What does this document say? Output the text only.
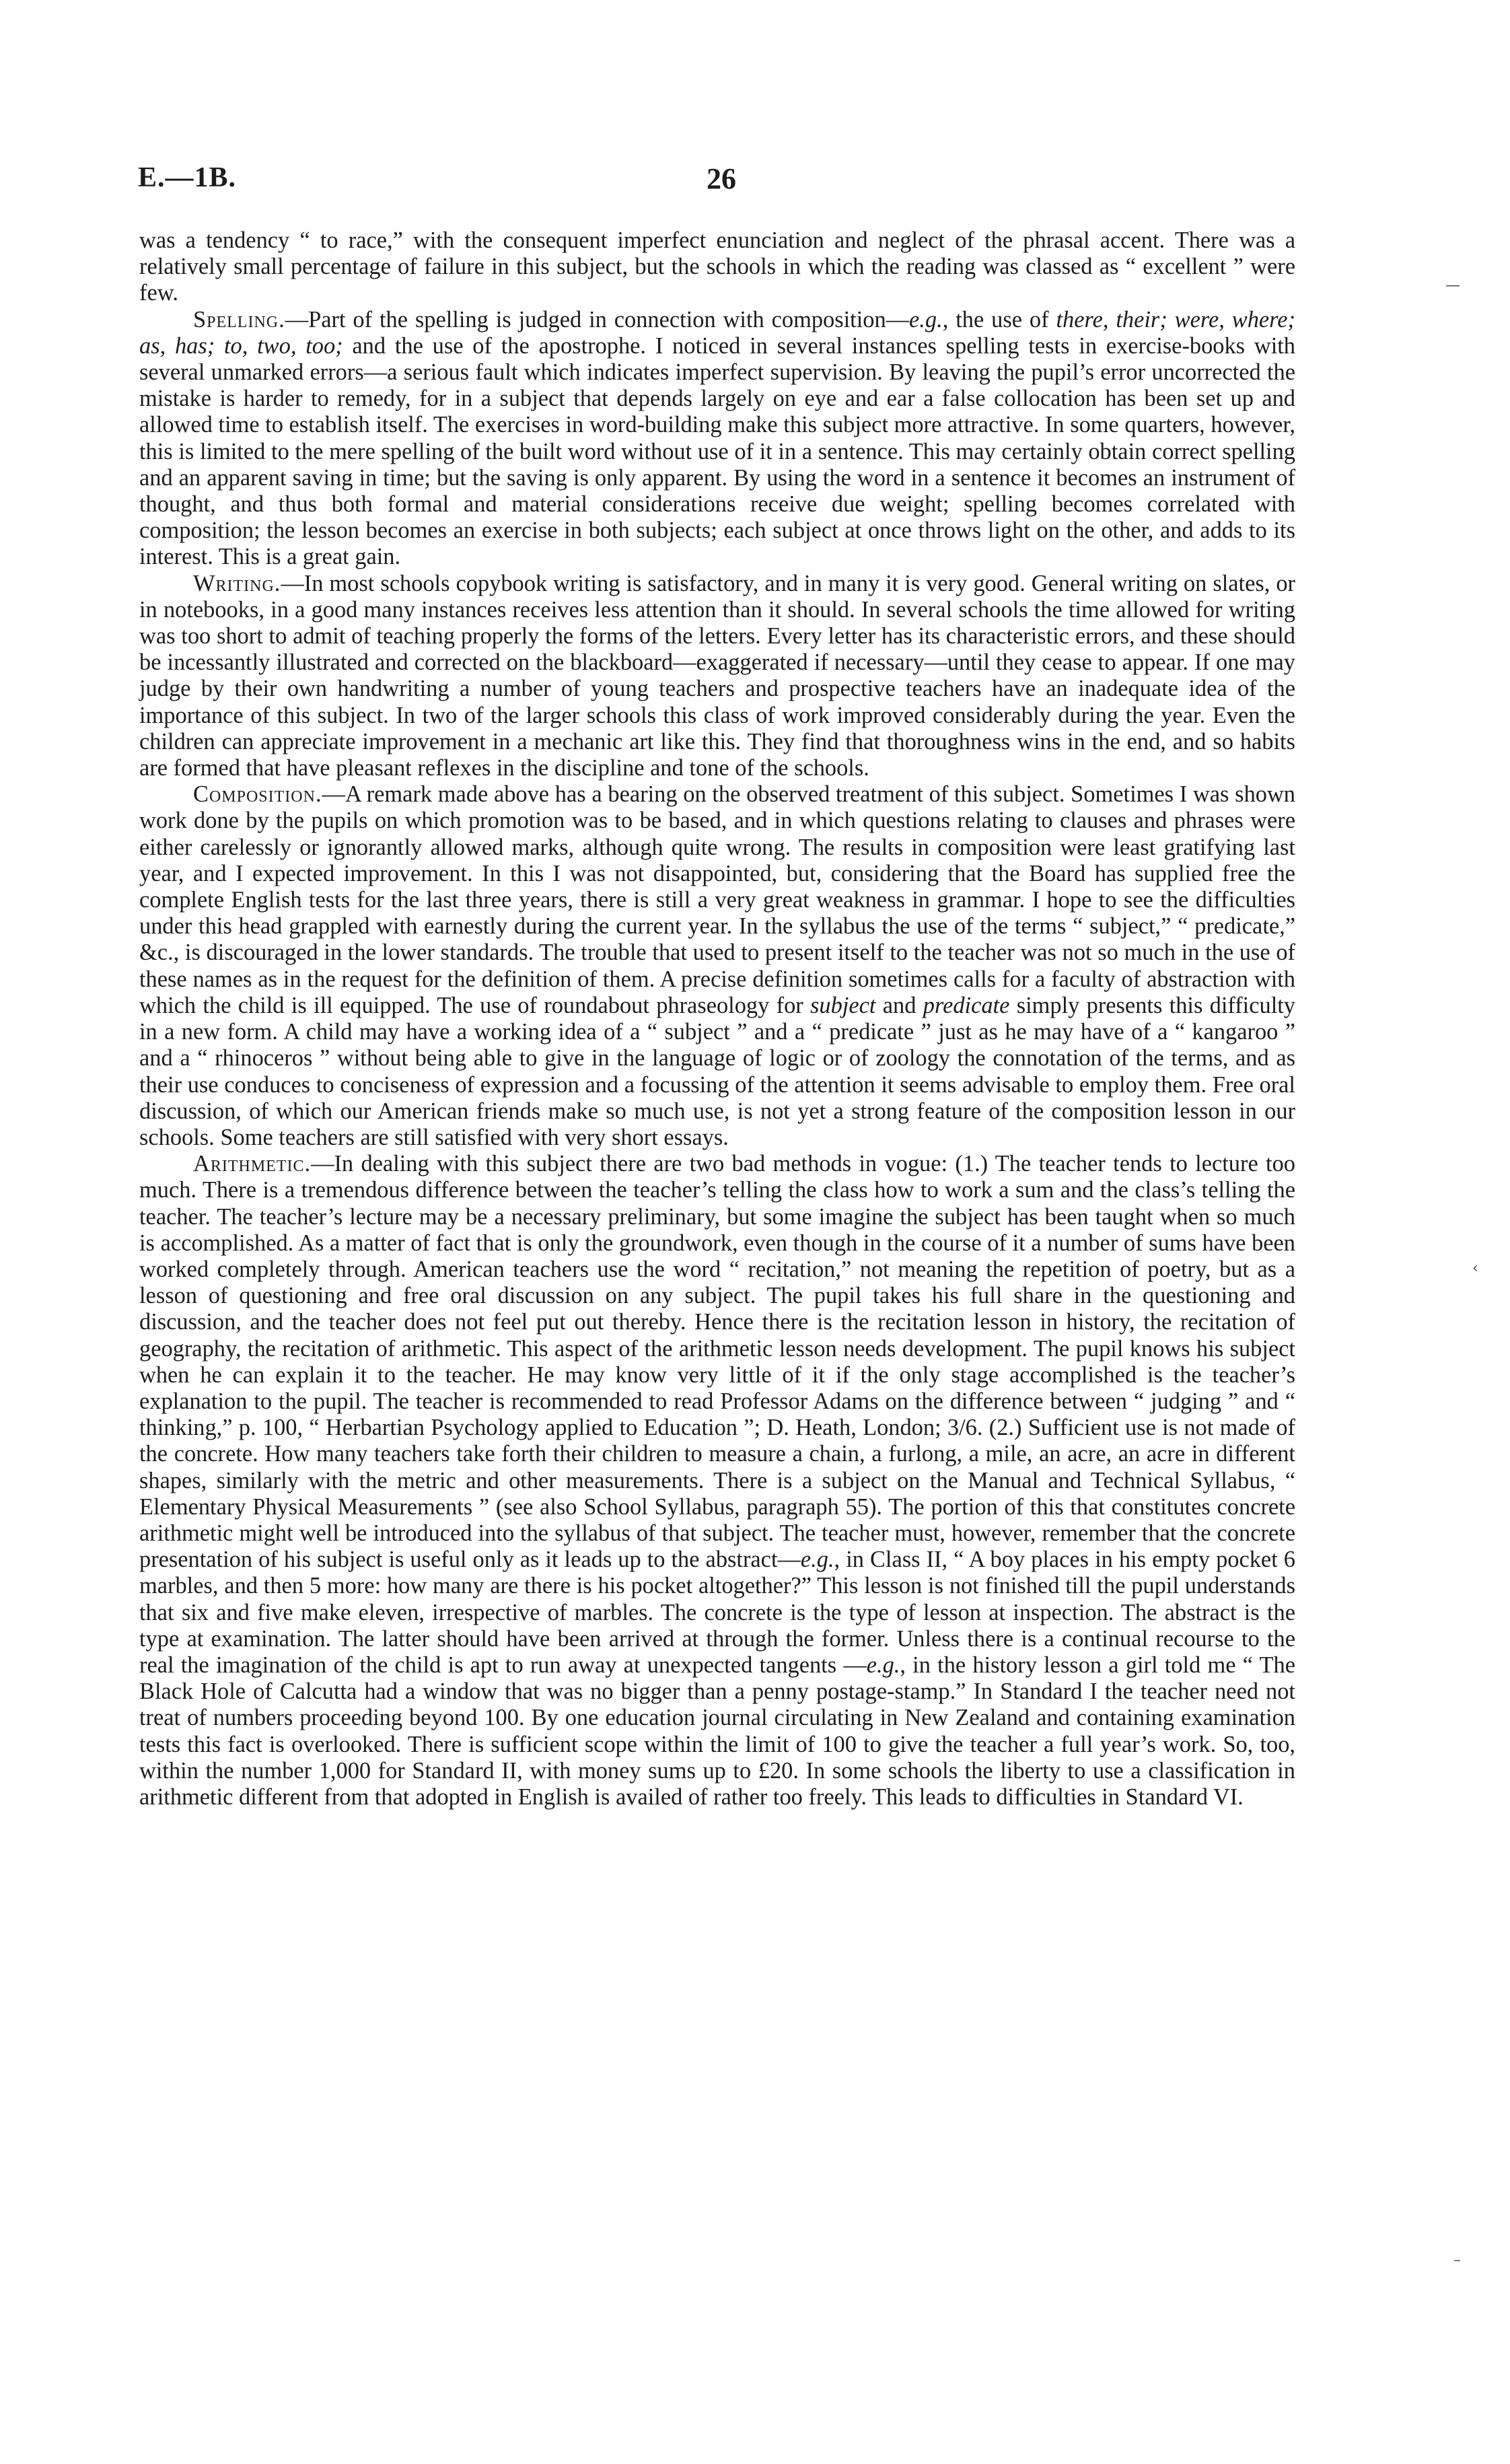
E.—1B.	26

was a tendency “ to race,” with the consequent imperfect enunciation and neglect of the phrasal accent. There was a relatively small percentage of failure in this subject, but the schools in which the reading was classed as “ excellent ” were few.

Spelling.—Part of the spelling is judged in connection with composition—e.g., the use of there, their; were, where; as, has; to, two, too; and the use of the apostrophe. I noticed in several instances spelling tests in exercise-books with several unmarked errors—a serious fault which indicates imperfect supervision. By leaving the pupil’s error uncorrected the mistake is harder to remedy, for in a subject that depends largely on eye and ear a false collocation has been set up and allowed time to establish itself. The exercises in word-building make this subject more attractive. In some quarters, however, this is limited to the mere spelling of the built word without use of it in a sentence. This may certainly obtain correct spelling and an apparent saving in time; but the saving is only apparent. By using the word in a sentence it becomes an instrument of thought, and thus both formal and material considerations receive due weight; spelling becomes correlated with composition; the lesson becomes an exercise in both subjects; each subject at once throws light on the other, and adds to its interest. This is a great gain.

Writing.—In most schools copybook writing is satisfactory, and in many it is very good. General writing on slates, or in notebooks, in a good many instances receives less attention than it should. In several schools the time allowed for writing was too short to admit of teaching properly the forms of the letters. Every letter has its characteristic errors, and these should be incessantly illustrated and corrected on the blackboard—exaggerated if necessary—until they cease to appear. If one may judge by their own handwriting a number of young teachers and prospective teachers have an inadequate idea of the importance of this subject. In two of the larger schools this class of work improved considerably during the year. Even the children can appreciate improvement in a mechanic art like this. They find that thoroughness wins in the end, and so habits are formed that have pleasant reflexes in the discipline and tone of the schools.

Composition.—A remark made above has a bearing on the observed treatment of this subject. Sometimes I was shown work done by the pupils on which promotion was to be based, and in which questions relating to clauses and phrases were either carelessly or ignorantly allowed marks, although quite wrong. The results in composition were least gratifying last year, and I expected improvement. In this I was not disappointed, but, considering that the Board has supplied free the complete English tests for the last three years, there is still a very great weakness in grammar. I hope to see the difficulties under this head grappled with earnestly during the current year. In the syllabus the use of the terms “ subject,” “ predicate,” &c., is discouraged in the lower standards. The trouble that used to present itself to the teacher was not so much in the use of these names as in the request for the definition of them. A precise definition sometimes calls for a faculty of abstraction with which the child is ill equipped. The use of roundabout phraseology for subject and predicate simply presents this difficulty in a new form. A child may have a working idea of a “ subject ” and a “ predicate ” just as he may have of a “ kangaroo ” and a “ rhinoceros ” without being able to give in the language of logic or of zoology the connotation of the terms, and as their use conduces to conciseness of expression and a focussing of the attention it seems advisable to employ them. Free oral discussion, of which our American friends make so much use, is not yet a strong feature of the composition lesson in our schools. Some teachers are still satisfied with very short essays.

Arithmetic.—In dealing with this subject there are two bad methods in vogue: (1.) The teacher tends to lecture too much. There is a tremendous difference between the teacher’s telling the class how to work a sum and the class’s telling the teacher. The teacher’s lecture may be a necessary preliminary, but some imagine the subject has been taught when so much is accomplished. As a matter of fact that is only the groundwork, even though in the course of it a number of sums have been worked completely through. American teachers use the word “ recitation,” not meaning the repetition of poetry, but as a lesson of questioning and free oral discussion on any subject. The pupil takes his full share in the questioning and discussion, and the teacher does not feel put out thereby. Hence there is the recitation lesson in history, the recitation of geography, the recitation of arithmetic. This aspect of the arithmetic lesson needs development. The pupil knows his subject when he can explain it to the teacher. He may know very little of it if the only stage accomplished is the teacher’s explanation to the pupil. The teacher is recommended to read Professor Adams on the difference between “ judging ” and “ thinking,” p. 100, “ Herbartian Psychology applied to Education ”; D. Heath, London; 3/6. (2.) Sufficient use is not made of the concrete. How many teachers take forth their children to measure a chain, a furlong, a mile, an acre, an acre in different shapes, similarly with the metric and other measurements. There is a subject on the Manual and Technical Syllabus, “ Elementary Physical Measurements ” (see also School Syllabus, paragraph 55). The portion of this that constitutes concrete arithmetic might well be introduced into the syllabus of that subject. The teacher must, however, remember that the concrete presentation of his subject is useful only as it leads up to the abstract—e.g., in Class II, “ A boy places in his empty pocket 6 marbles, and then 5 more: how many are there is his pocket altogether?” This lesson is not finished till the pupil understands that six and five make eleven, irrespective of marbles. The concrete is the type of lesson at inspection. The abstract is the type at examination. The latter should have been arrived at through the former. Unless there is a continual recourse to the real the imagination of the child is apt to run away at unexpected tangents —e.g., in the history lesson a girl told me “ The Black Hole of Calcutta had a window that was no bigger than a penny postage-stamp.” In Standard I the teacher need not treat of numbers proceeding beyond 100. By one education journal circulating in New Zealand and containing examination tests this fact is overlooked. There is sufficient scope within the limit of 100 to give the teacher a full year’s work. So, too, within the number 1,000 for Standard II, with money sums up to £20. In some schools the liberty to use a classification in arithmetic different from that adopted in English is availed of rather too freely. This leads to difficulties in Standard VI.

—
‹
–
